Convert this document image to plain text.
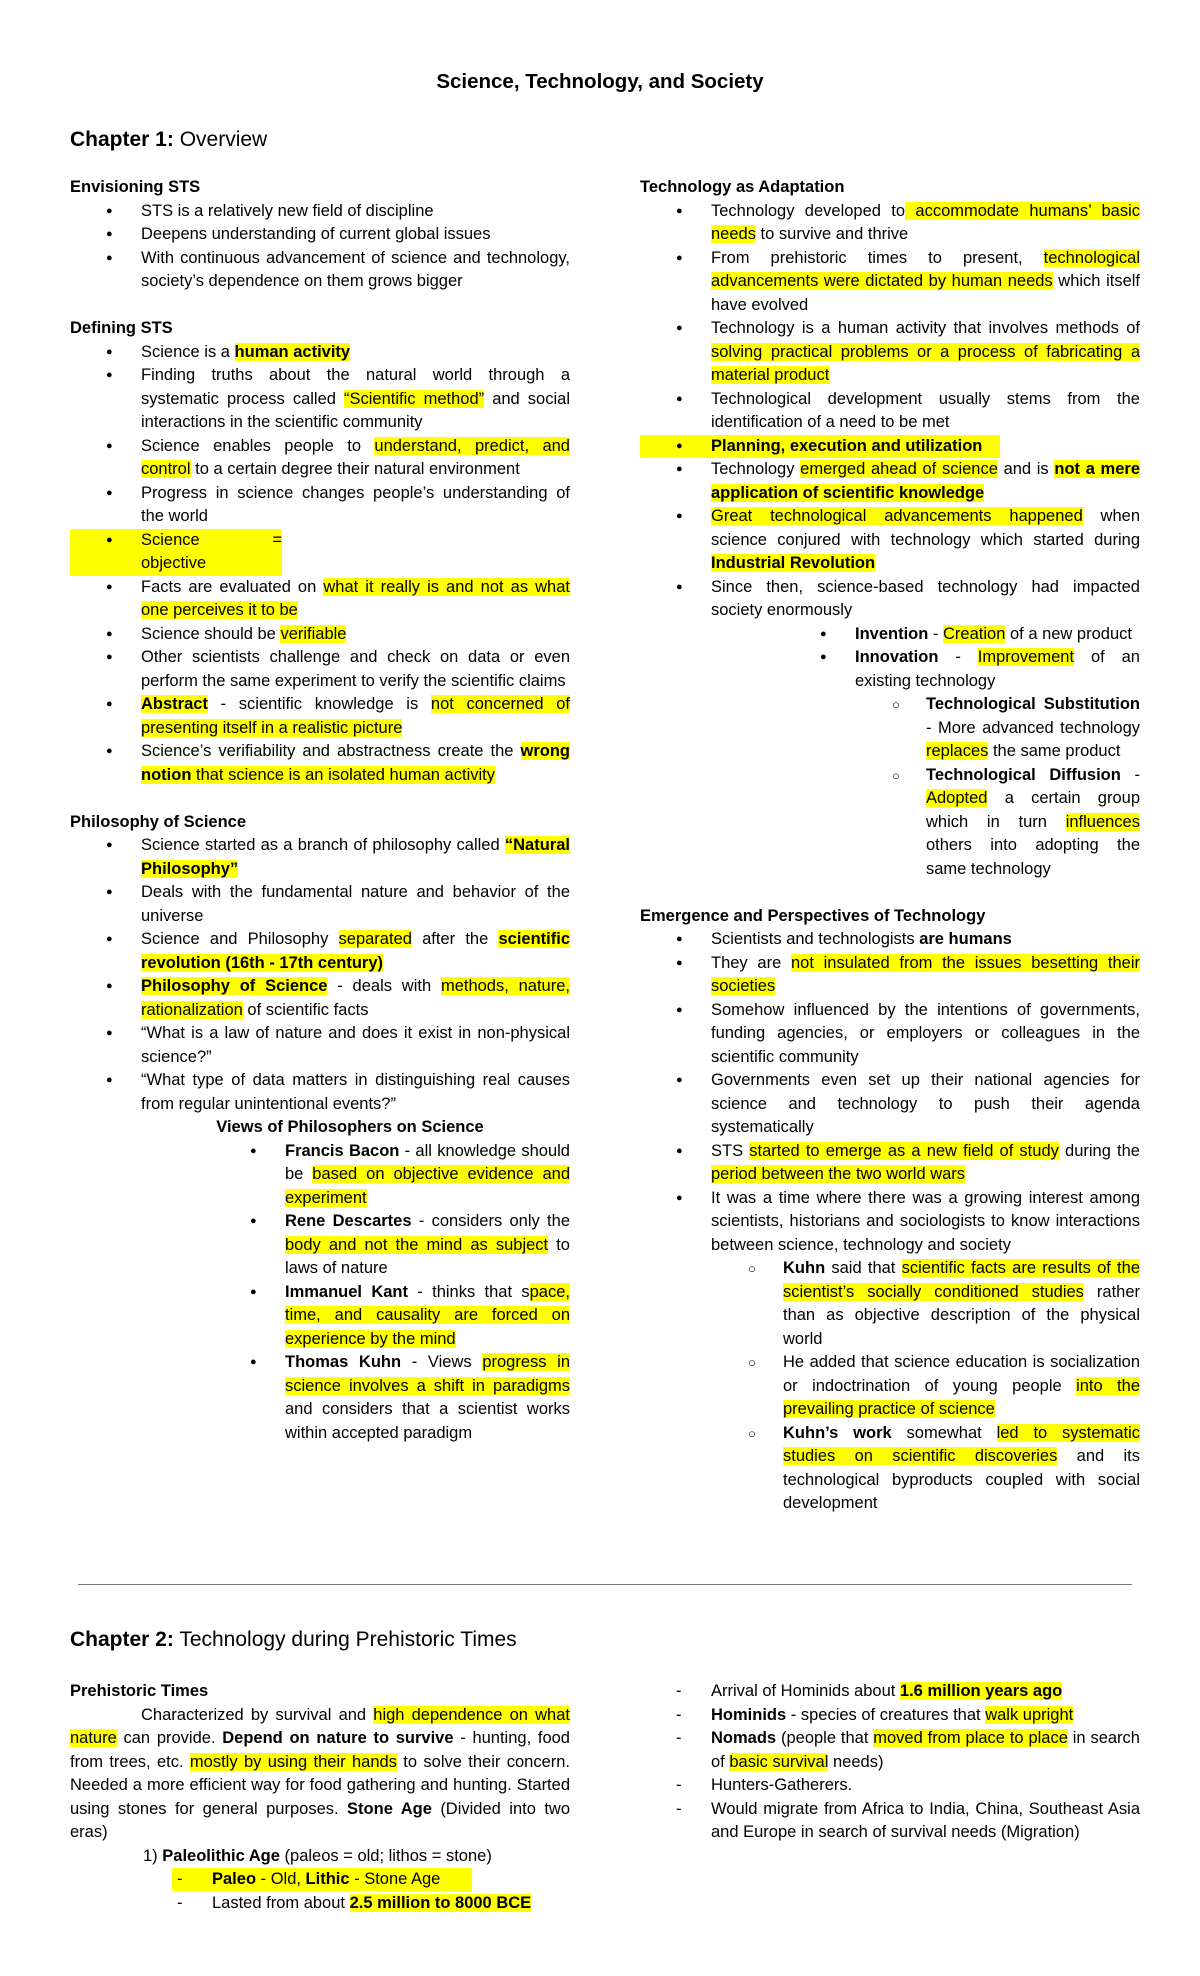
Science, Technology, and Society
Chapter 1: Overview

Envisioning STS

● STS is a relatively new field of discipline
● Deepens understanding of current global issues
● With continuous advancement of science and technology, society’s dependence on them grows bigger

Defining STS

● Science is a human activity
● Finding truths about the natural world through a systematic process called “Scientific method” and social interactions in the scientific community
● Science enables people to understand, predict, and control to a certain degree their natural environment
● Progress in science changes people’s understanding of the world
● Science = objective
● Facts are evaluated on what it really is and not as what one perceives it to be
● Science should be verifiable
● Other scientists challenge and check on data or even perform the same experiment to verify the scientific claims
● Abstract - scientific knowledge is not concerned of presenting itself in a realistic picture
● Science’s verifiability and abstractness create the wrong notion that science is an isolated human activity

Philosophy of Science

● Science started as a branch of philosophy called “Natural Philosophy”
● Deals with the fundamental nature and behavior of the universe
● Science and Philosophy separated after the scientific revolution (16th - 17th century)
● Philosophy of Science - deals with methods, nature, rationalization of scientific facts
● “What is a law of nature and does it exist in non-physical science?”
● “What type of data matters in distinguishing real causes from regular unintentional events?”
Views of Philosophers on Science
● Francis Bacon - all knowledge should be based on objective evidence and experiment
● Rene Descartes - considers only the body and not the mind as subject to laws of nature
● Immanuel Kant - thinks that space, time, and causality are forced on experience by the mind
● Thomas Kuhn - Views progress in science involves a shift in paradigms and considers that a scientist works within accepted paradigm

Technology as Adaptation

● Technology developed to accommodate humans’ basic needs to survive and thrive
● From prehistoric times to present, technological advancements were dictated by human needs which itself have evolved
● Technology is a human activity that involves methods of solving practical problems or a process of fabricating a material product
● Technological development usually stems from the identification of a need to be met
● Planning, execution and utilization
● Technology emerged ahead of science and is not a mere application of scientific knowledge
● Great technological advancements happened when science conjured with technology which started during Industrial Revolution
● Since then, science-based technology had impacted society enormously
● Invention - Creation of a new product
● Innovation - Improvement of an existing technology
○ Technological Substitution - More advanced technology replaces the same product
○ Technological Diffusion - Adopted a certain group which in turn influences others into adopting the same technology

Emergence and Perspectives of Technology

● Scientists and technologists are humans
● They are not insulated from the issues besetting their societies
● Somehow influenced by the intentions of governments, funding agencies, or employers or colleagues in the scientific community
● Governments even set up their national agencies for science and technology to push their agenda systematically
● STS started to emerge as a new field of study during the period between the two world wars
● It was a time where there was a growing interest among scientists, historians and sociologists to know interactions between science, technology and society
○ Kuhn said that scientific facts are results of the scientist’s socially conditioned studies rather than as objective description of the physical world
○ He added that science education is socialization or indoctrination of young people into the prevailing practice of science
○ Kuhn’s work somewhat led to systematic studies on scientific discoveries and its technological byproducts coupled with social development
Chapter 2: Technology during Prehistoric Times

Prehistoric Times

Characterized by survival and high dependence on what nature can provide. Depend on nature to survive - hunting, food from trees, etc. mostly by using their hands to solve their concern. Needed a more efficient way for food gathering and hunting. Started using stones for general purposes. Stone Age (Divided into two eras)

1) Paleolithic Age (paleos = old; lithos = stone)
- Paleo - Old, Lithic - Stone Age
- Lasted from about 2.5 million to 8000 BCE
- Arrival of Hominids about 1.6 million years ago
- Hominids - species of creatures that walk upright
- Nomads (people that moved from place to place in search of basic survival needs)
- Hunters-Gatherers.
- Would migrate from Africa to India, China, Southeast Asia and Europe in search of survival needs (Migration)
